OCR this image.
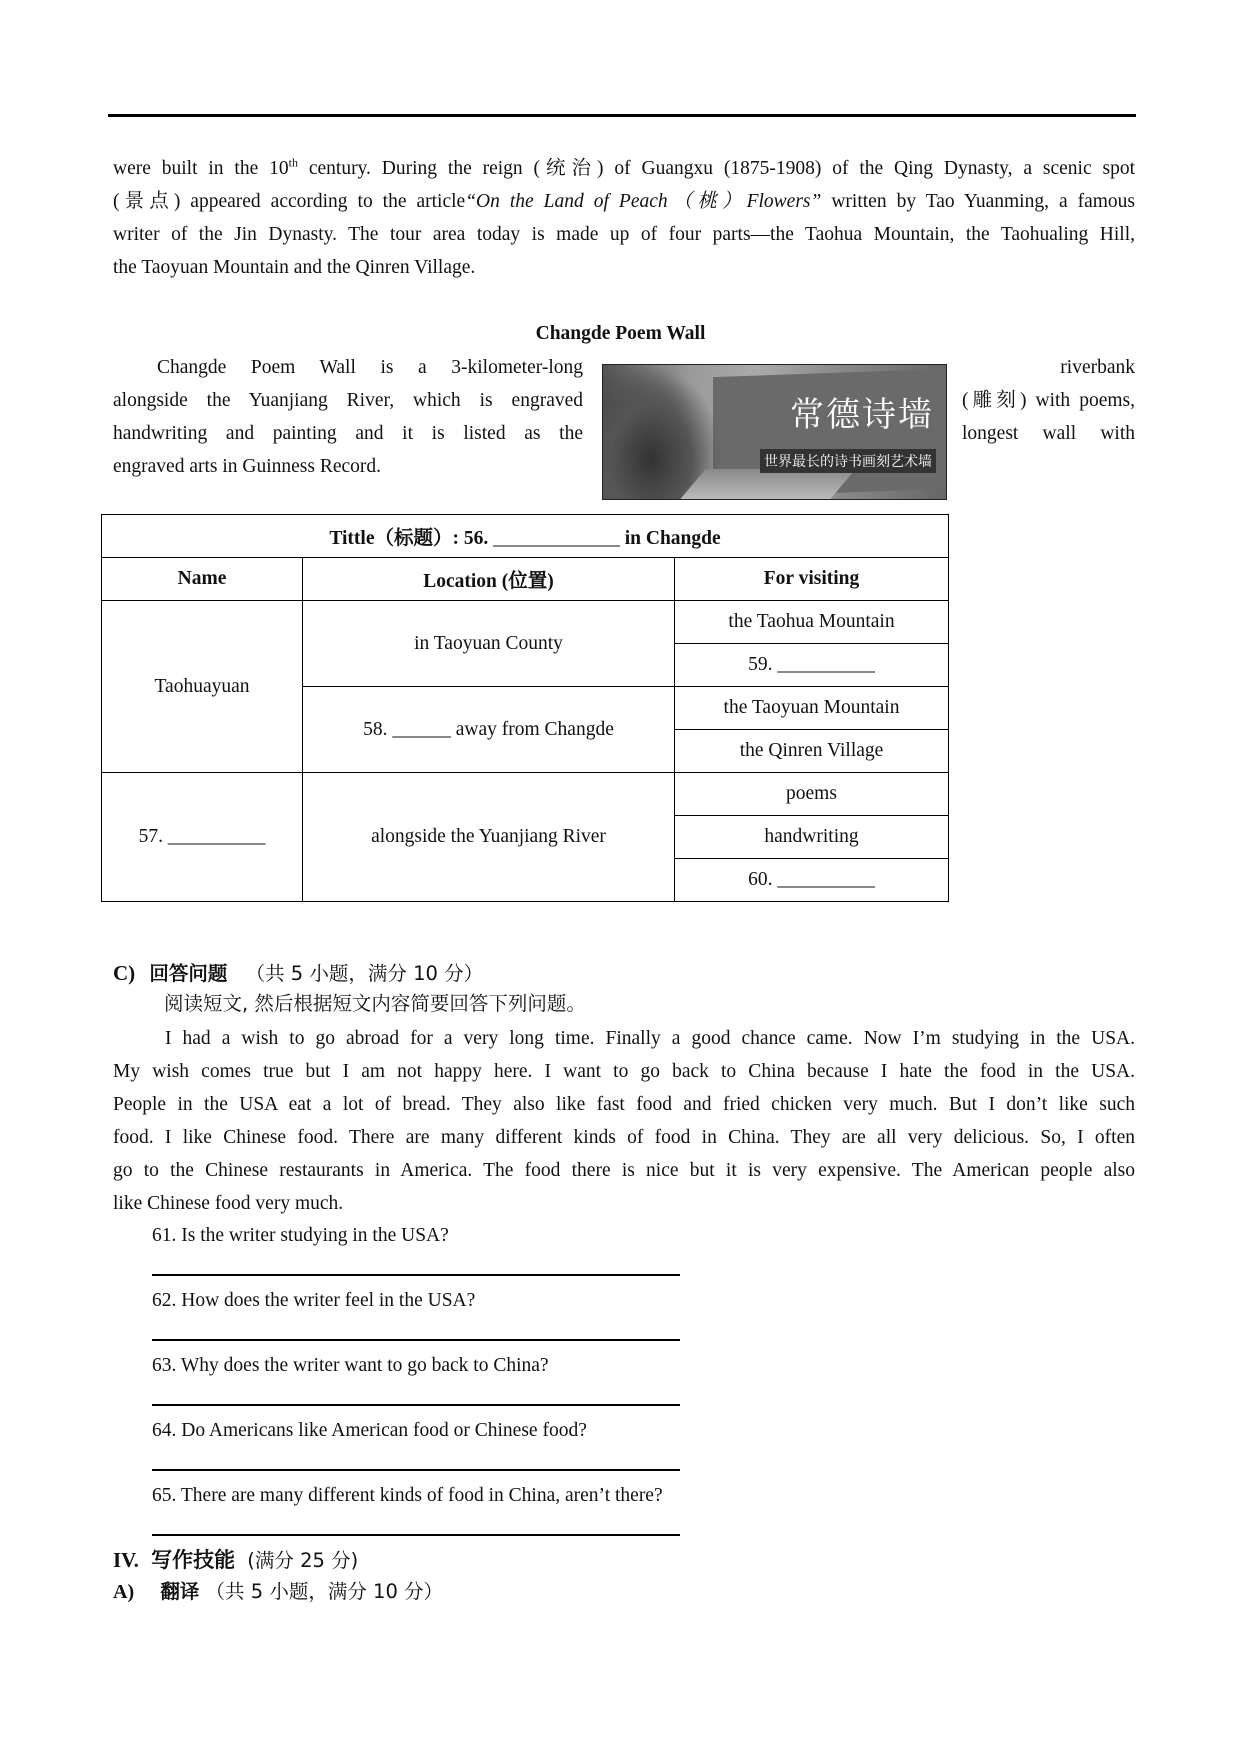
were built in the 10th century. During the reign (统治) of Guangxu (1875-1908) of the Qing Dynasty, a scenic spot
(景点) appeared according to the article“On the Land of Peach（桃）Flowers” written by Tao Yuanming, a famous
writer of the Jin Dynasty. The tour area today is made up of four parts—the Taohua Mountain, the Taohualing Hill,
the Taoyuan Mountain and the Qinren Village.
Changde Poem Wall
Changde Poem Wall is a 3-kilometer-long
alongside the Yuanjiang River, which is engraved
handwriting and painting and it is listed as the
engraved arts in Guinness Record.
riverbank
(雕刻) with poems,
longest wall with
常德诗墙
世界最长的诗书画刻艺术墙
Tittle（标题）: 56. _____________ in Changde		
Name	Location (位置)	For visiting
Taohuayuan	in Taoyuan County	the Taohua Mountain
		59. __________
	58. ______ away from Changde	the Taoyuan Mountain
		the Qinren Village
57. __________	alongside the Yuanjiang River	poems
		handwriting
		60. __________
C) 回答问题 （共 5 小题，满分 10 分）
阅读短文, 然后根据短文内容简要回答下列问题。
I had a wish to go abroad for a very long time. Finally a good chance came. Now I’m studying in the USA.
My wish comes true but I am not happy here. I want to go back to China because I hate the food in the USA.
People in the USA eat a lot of bread. They also like fast food and fried chicken very much. But I don’t like such
food. I like Chinese food. There are many different kinds of food in China. They are all very delicious. So, I often
go to the Chinese restaurants in America. The food there is nice but it is very expensive. The American people also
like Chinese food very much.
61. Is the writer studying in the USA?
62. How does the writer feel in the USA?
63. Why does the writer want to go back to China?
64. Do Americans like American food or Chinese food?
65. There are many different kinds of food in China, aren’t there?
IV. 写作技能 (满分 25 分)
A) 翻译 （共 5 小题，满分 10 分）
